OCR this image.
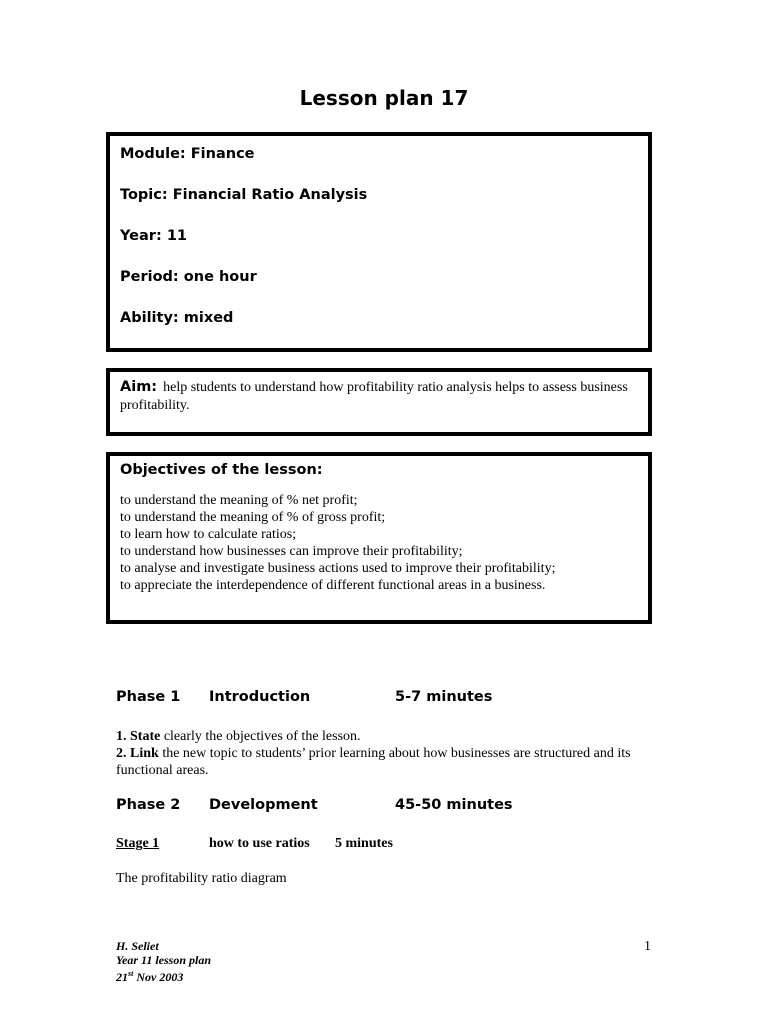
Lesson plan 17
Module: Finance
Topic: Financial Ratio Analysis
Year: 11
Period: one hour
Ability: mixed
Aim: help students to understand how profitability ratio analysis helps to assess business profitability.
Objectives of the lesson:
to understand the meaning of % net profit;
to understand the meaning of % of gross profit;
to learn how to calculate ratios;
to understand how businesses can improve their profitability;
to analyse and investigate business actions used to improve their profitability;
to appreciate the interdependence of different functional areas in a business.
Phase 1 Introduction	5-7 minutes
1. State clearly the objectives of the lesson.
2. Link the new topic to students’ prior learning about how businesses are structured and its functional areas.
Phase 2 Development	45-50 minutes
Stage 1	how to use ratios 5 minutes
The profitability ratio diagram
H. Seliet
Year 11 lesson plan
21st Nov 2003
1
